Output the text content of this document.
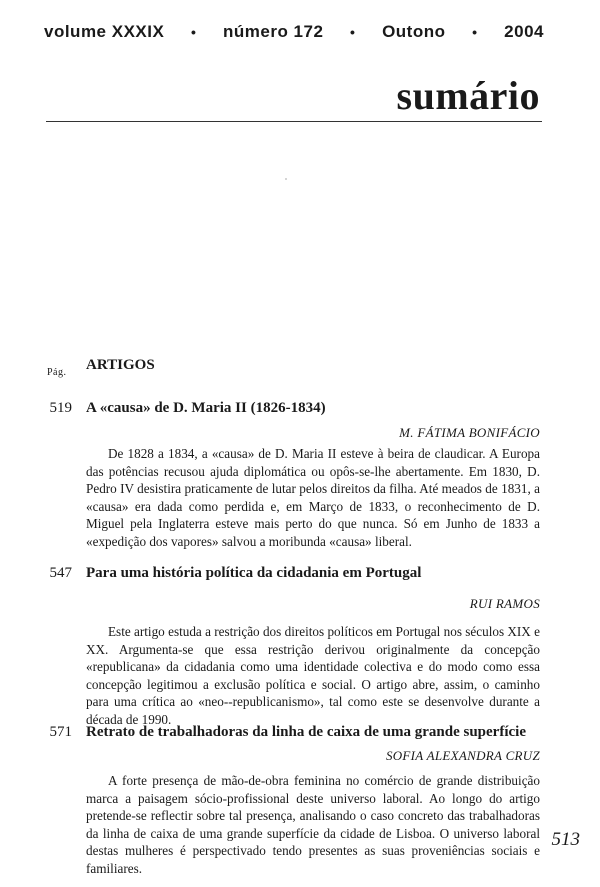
volume XXXIX • número 172 • Outono • 2004
sumário
Pág. ARTIGOS
519 A «causa» de D. Maria II (1826-1834)
M. FÁTIMA BONIFÁCIO

De 1828 a 1834, a «causa» de D. Maria II esteve à beira de claudicar. A Europa das potências recusou ajuda diplomática ou opôs-se-lhe abertamente. Em 1830, D. Pedro IV desistira praticamente de lutar pelos direitos da filha. Até meados de 1831, a «causa» era dada como perdida e, em Março de 1833, o reconhecimento de D. Miguel pela Inglaterra esteve mais perto do que nunca. Só em Junho de 1833 a «expedição dos vapores» salvou a moribunda «causa» liberal.

547 Para uma história política da cidadania em Portugal
RUI RAMOS

Este artigo estuda a restrição dos direitos políticos em Portugal nos séculos XIX e XX. Argumenta-se que essa restrição derivou originalmente da concepção «republicana» da cidadania como uma identidade colectiva e do modo como essa concepção legitimou a exclusão política e social. O artigo abre, assim, o caminho para uma crítica ao «neo--republicanismo», tal como este se desenvolve durante a década de 1990.

571 Retrato de trabalhadoras da linha de caixa de uma grande superfície
SOFIA ALEXANDRA CRUZ

A forte presença de mão-de-obra feminina no comércio de grande distribuição marca a paisagem sócio-profissional deste universo laboral. Ao longo do artigo pretende-se reflectir sobre tal presença, analisando o caso concreto das trabalhadoras da linha de caixa de uma grande superfície da cidade de Lisboa. O universo laboral destas mulheres é perspectivado tendo presentes as suas proveniências sociais e familiares.

513
